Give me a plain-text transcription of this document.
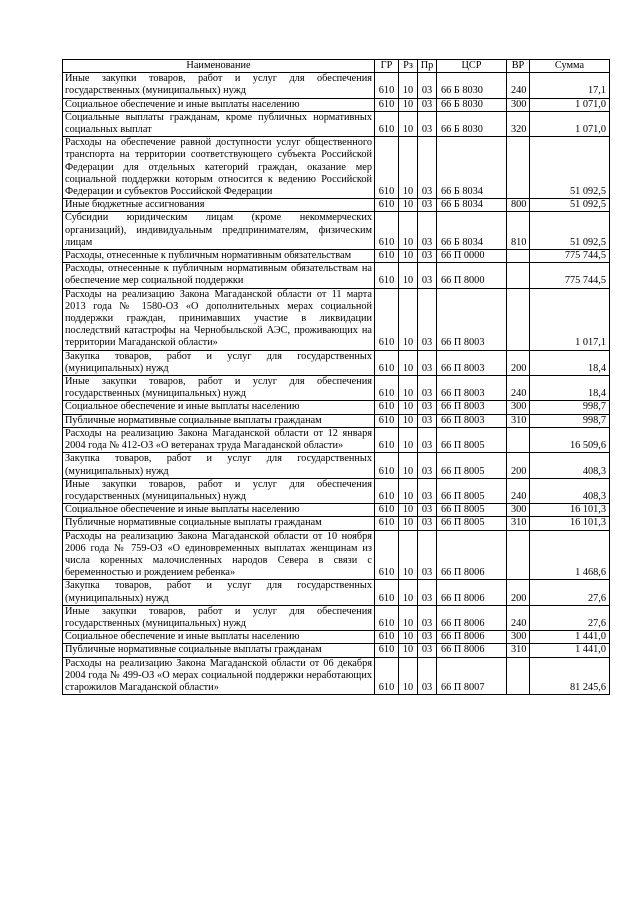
Наименование	ГР	Рз	Пр	ЦСР	ВР	Сумма
Иные закупки товаров, работ и услуг для обеспечения государственных (муниципальных) нужд	610	10	03	66 Б 8030	240	17,1
Социальное обеспечение и иные выплаты населению	610	10	03	66 Б 8030	300	1 071,0
Социальные выплаты гражданам, кроме публичных нормативных социальных выплат	610	10	03	66 Б 8030	320	1 071,0
Расходы на обеспечение равной доступности услуг общественного транспорта на территории соответствующего субъекта Российской Федерации для отдельных категорий граждан, оказание мер социальной поддержки которым относится к ведению Российской Федерации и субъектов Российской Федерации	610	10	03	66 Б 8034		51 092,5
Иные бюджетные ассигнования	610	10	03	66 Б 8034	800	51 092,5
Субсидии юридическим лицам (кроме некоммерческих организаций), индивидуальным предпринимателям, физическим лицам	610	10	03	66 Б 8034	810	51 092,5
Расходы, отнесенные к публичным нормативным обязательствам	610	10	03	66 П 0000		775 744,5
Расходы, отнесенные к публичным нормативным обязательствам на обеспечение мер социальной поддержки	610	10	03	66 П 8000		775 744,5
Расходы на реализацию Закона Магаданской области от 11 марта 2013 года № 1580-ОЗ «О дополнительных мерах социальной поддержки граждан, принимавших участие в ликвидации последствий катастрофы на Чернобыльской АЭС, проживающих на территории Магаданской области»	610	10	03	66 П 8003		1 017,1
Закупка товаров, работ и услуг для государственных (муниципальных) нужд	610	10	03	66 П 8003	200	18,4
Иные закупки товаров, работ и услуг для обеспечения государственных (муниципальных) нужд	610	10	03	66 П 8003	240	18,4
Социальное обеспечение и иные выплаты населению	610	10	03	66 П 8003	300	998,7
Публичные нормативные социальные выплаты гражданам	610	10	03	66 П 8003	310	998,7
Расходы на реализацию Закона Магаданской области от 12 января 2004 года № 412-ОЗ «О ветеранах труда Магаданской области»	610	10	03	66 П 8005		16 509,6
Закупка товаров, работ и услуг для государственных (муниципальных) нужд	610	10	03	66 П 8005	200	408,3
Иные закупки товаров, работ и услуг для обеспечения государственных (муниципальных) нужд	610	10	03	66 П 8005	240	408,3
Социальное обеспечение и иные выплаты населению	610	10	03	66 П 8005	300	16 101,3
Публичные нормативные социальные выплаты гражданам	610	10	03	66 П 8005	310	16 101,3
Расходы на реализацию Закона Магаданской области от 10 ноября 2006 года № 759-ОЗ «О единовременных выплатах женщинам из числа коренных малочисленных народов Севера в связи с беременностью и рождением ребенка»	610	10	03	66 П 8006		1 468,6
Закупка товаров, работ и услуг для государственных (муниципальных) нужд	610	10	03	66 П 8006	200	27,6
Иные закупки товаров, работ и услуг для обеспечения государственных (муниципальных) нужд	610	10	03	66 П 8006	240	27,6
Социальное обеспечение и иные выплаты населению	610	10	03	66 П 8006	300	1 441,0
Публичные нормативные социальные выплаты гражданам	610	10	03	66 П 8006	310	1 441,0
Расходы на реализацию Закона Магаданской области от 06 декабря 2004 года № 499-ОЗ «О мерах социальной поддержки неработающих старожилов Магаданской области»	610	10	03	66 П 8007		81 245,6
